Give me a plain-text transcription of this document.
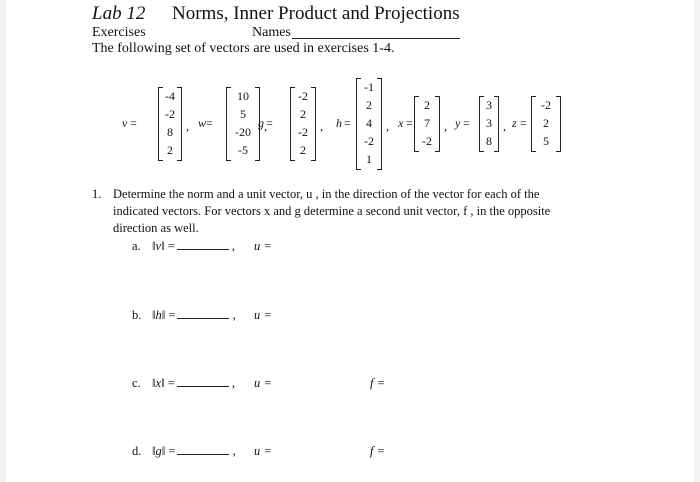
Lab 12 Norms, Inner Product and Projections
Exercises	Names
The following set of vectors are used in exercises 1-4.
v =
-4
-2
8
2
, w =
10
5
-20
-5
,
g =
-2
2
-2
2
, h =
-1
2
4
-2
1
, x =
2
7
-2
, y =
3
3
8
, z =
-2
2
5
1. Determine the norm and a unit vector, u , in the direction of the vector for each of the
indicated vectors. For vectors x and g determine a second unit vector, f , in the opposite
direction as well.
a. ‖v‖ =	, u =
b. ‖h‖ =	, u =
c. ‖x‖ =	, u =	f =
d. ‖g‖ =	, u =	f =
